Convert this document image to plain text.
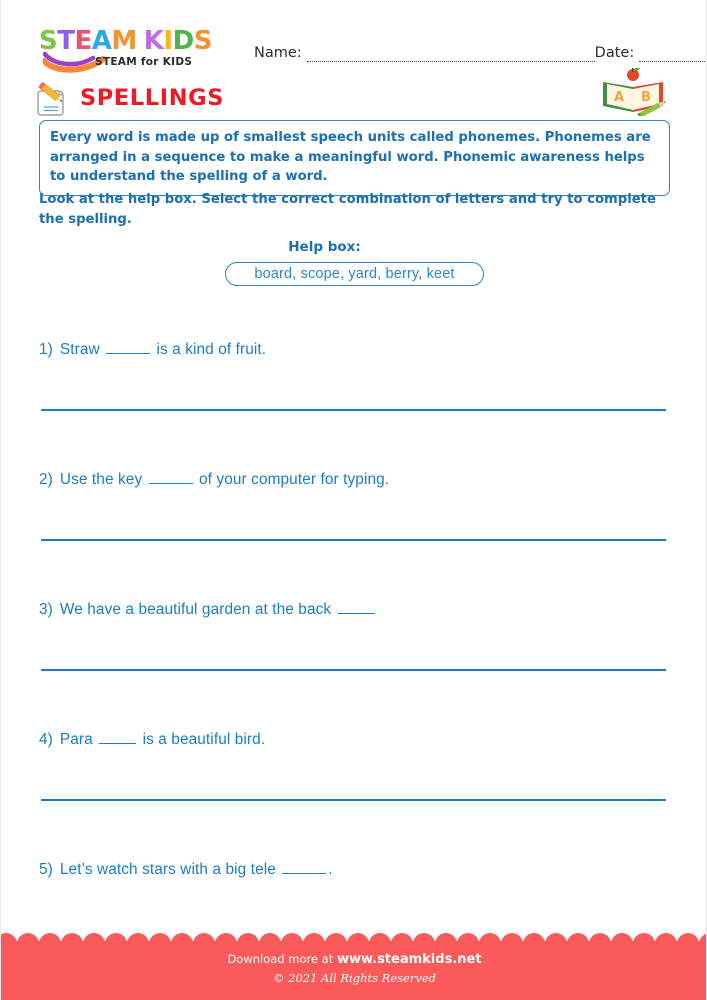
STEAM KIDS
STEAM for KIDS
Name:	Date:
SPELLINGS	A B

Every word is made up of smallest speech units called phonemes. Phonemes are arranged in a sequence to make a meaningful word. Phonemic awareness helps to understand the spelling of a word.

Look at the help box. Select the correct combination of letters and try to complete the spelling.
Help box:
board, scope, yard, berry, keet
1) Straw	is a kind of fruit.
2) Use the key	of your computer for typing.
3) We have a beautiful garden at the back
4) Para	is a beautiful bird.
5) Let’s watch stars with a big tele	.
Download more at www.steamkids.net
© 2021 All Rights Reserved
